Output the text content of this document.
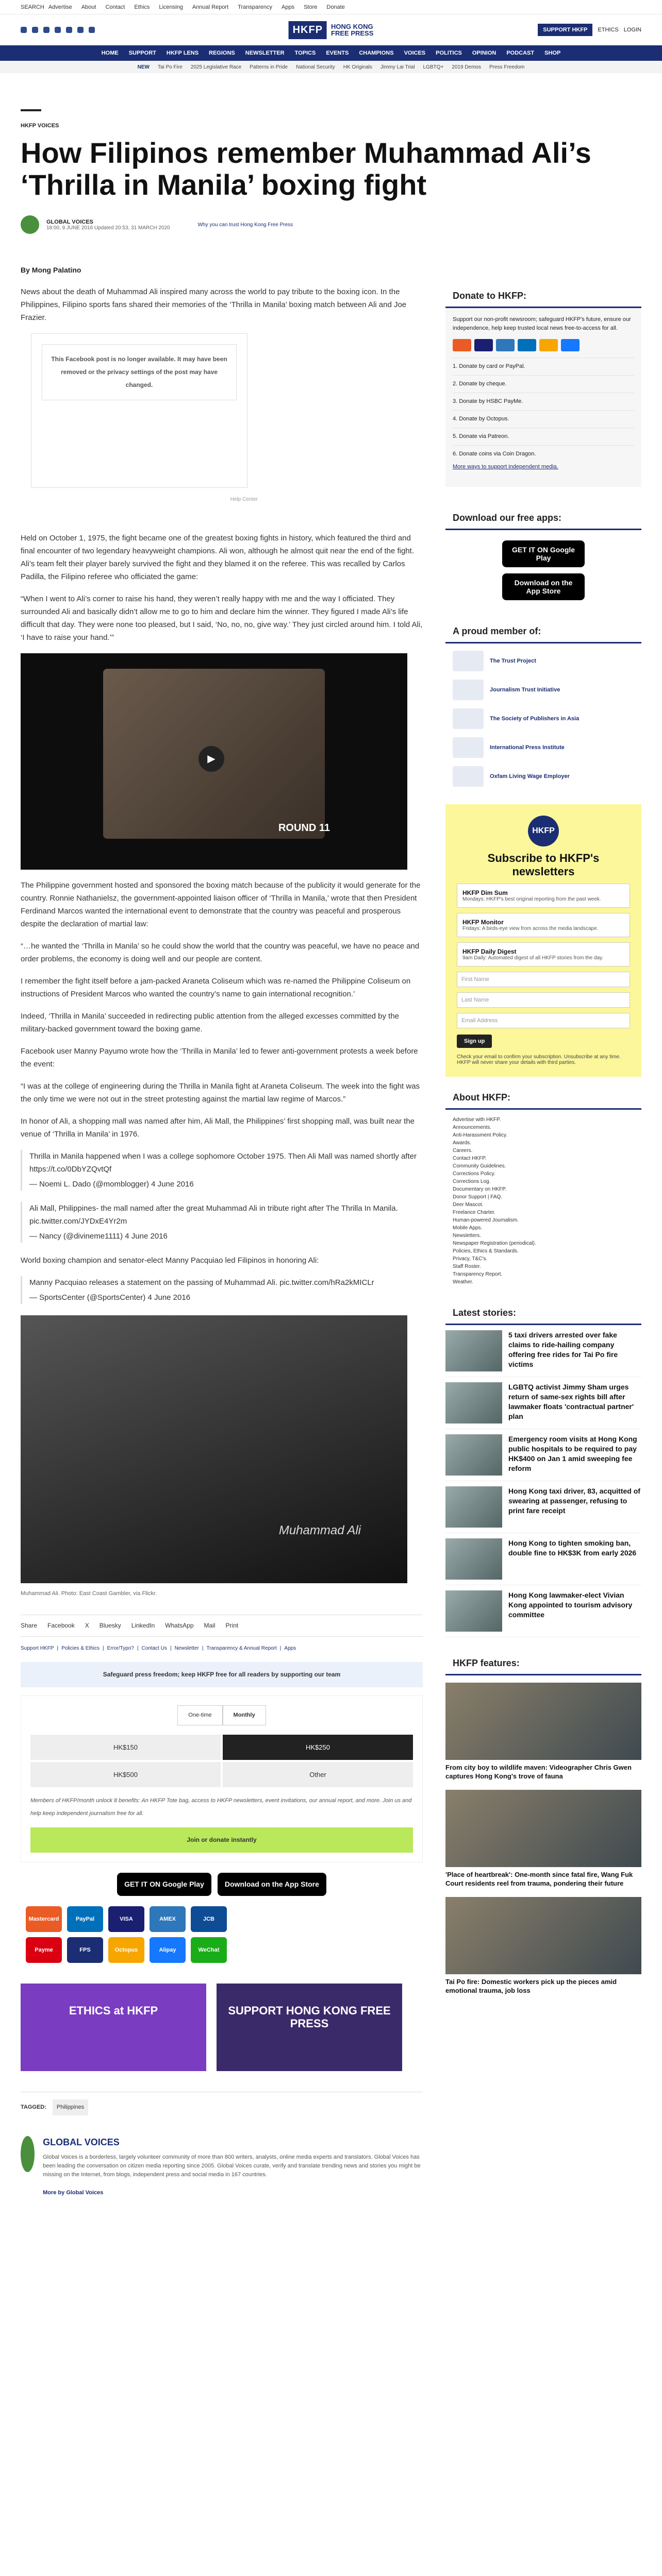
SEARCH Advertise About Contact Ethics Licensing Annual Report Transparency Apps Store Donate
HKFP	HONG KONG
FREE PRESS	SUPPORT HKFP	ETHICS LOGIN
HOME SUPPORT HKFP LENS REGIONS NEWSLETTER TOPICS EVENTS CHAMPIONS VOICES POLITICS OPINION PODCAST SHOP
NEW Tai Po Fire 2025 Legislative Race Patterns in Pride National Security HK Originals Jimmy Lai Trial LGBTQ+ 2019 Demos Press Freedom
HKFP VOICES
How Filipinos remember Muhammad Ali’s ‘Thrilla in Manila’ boxing fight
GLOBAL VOICES
18:00, 9 JUNE 2016 Updated 20:53, 31 MARCH 2020
Why you can trust Hong Kong Free Press
By Mong Palatino

News about the death of Muhammad Ali inspired many across the world to pay tribute to the boxing icon. In the Philippines, Filipino sports fans shared their memories of the ‘Thrilla in Manila’ boxing match between Ali and Joe Frazier.

This Facebook post is no longer available. It may have been removed or the privacy settings of the post may have changed.
Help Center

Held on October 1, 1975, the fight became one of the greatest boxing fights in history, which featured the third and final encounter of two legendary heavyweight champions. Ali won, although he almost quit near the end of the fight. Ali’s team felt their player barely survived the fight and they blamed it on the referee. This was recalled by Carlos Padilla, the Filipino referee who officiated the game:

“When I went to Ali’s corner to raise his hand, they weren’t really happy with me and the way I officiated. They surrounded Ali and basically didn’t allow me to go to him and declare him the winner. They figured I made Ali’s life difficult that day. They were none too pleased, but I said, ‘No, no, no, give way.’ They just circled around him. I told Ali, ‘I have to raise your hand.’”

▶
ROUND 11

The Philippine government hosted and sponsored the boxing match because of the publicity it would generate for the country. Ronnie Nathanielsz, the government-appointed liaison officer of ‘Thrilla in Manila,’ wrote that then President Ferdinand Marcos wanted the international event to demonstrate that the country was peaceful and prosperous despite the declaration of martial law:

“…he wanted the ‘Thrilla in Manila’ so he could show the world that the country was peaceful, we have no peace and order problems, the economy is doing well and our people are content.

I remember the fight itself before a jam-packed Araneta Coliseum which was re-named the Philippine Coliseum on instructions of President Marcos who wanted the country’s name to gain international recognition.’

Indeed, ‘Thrilla in Manila’ succeeded in redirecting public attention from the alleged excesses committed by the military-backed government toward the boxing game.

Facebook user Manny Payumo wrote how the ‘Thrilla in Manila’ led to fewer anti-government protests a week before the event:

“I was at the college of engineering during the Thrilla in Manila fight at Araneta Coliseum. The week into the fight was the only time we were not out in the street protesting against the martial law regime of Marcos.”

In honor of Ali, a shopping mall was named after him, Ali Mall, the Philippines’ first shopping mall, was built near the venue of ‘Thrilla in Manila’ in 1976.

Thrilla in Manila happened when I was a college sophomore October 1975. Then Ali Mall was named shortly after https://t.co/0DbYZQvtQf

— Noemi L. Dado (@momblogger) 4 June 2016

Ali Mall, Philippines- the mall named after the great Muhammad Ali in tribute right after The Thrilla In Manila. pic.twitter.com/JYDxE4Yr2m

— Nancy (@divineme1111) 4 June 2016

World boxing champion and senator-elect Manny Pacquiao led Filipinos in honoring Ali:

Manny Pacquiao releases a statement on the passing of Muhammad Ali. pic.twitter.com/hRa2kMICLr

— SportsCenter (@SportsCenter) 4 June 2016

Muhammad Ali
Muhammad Ali. Photo: East Coast Gambler, via Flickr.
Share Facebook X Bluesky LinkedIn WhatsApp Mail Print
Support HKFP | Policies & Ethics | Error/Typo? | Contact Us | Newsletter | Transparency & Annual Report | Apps
Safeguard press freedom; keep HKFP free for all readers by supporting our team
One-time	Monthly
HK$150	HK$250
HK$500	Other
Members of HKFP/month unlock 8 benefits: An HKFP Tote bag, access to HKFP newsletters, event invitations, our annual report, and more. Join us and help keep independent journalism free for all.
Join or donate instantly
GET IT ON Google Play	Download on the App Store
Mastercard	PayPal	VISA	AMEX	JCB
Payme	FPS	Octopus	Alipay	WeChat
ETHICS at HKFP	SUPPORT HONG KONG FREE PRESS
TAGGED:	Philippines
GLOBAL VOICES

Global Voices is a borderless, largely volunteer community of more than 800 writers, analysts, online media experts and translators. Global Voices has been leading the conversation on citizen media reporting since 2005. Global Voices curate, verify and translate trending news and stories you might be missing on the Internet, from blogs, independent press and social media in 167 countries.

More by Global Voices

Donate to HKFP:
Support our non-profit newsroom; safeguard HKFP's future, ensure our independence, help keep trusted local news free-to-access for all.
1. Donate by card or PayPal.
2. Donate by cheque.
3. Donate by HSBC PayMe.
4. Donate by Octopus.
5. Donate via Patreon.
6. Donate coins via Coin Dragon.
More ways to support independent media.
Download our free apps:
GET IT ON Google Play
Download on the App Store
A proud member of:
The Trust Project
Journalism Trust Initiative
The Society of Publishers in Asia
International Press Institute
Oxfam Living Wage Employer
HKFP
Subscribe to HKFP's newsletters
HKFP Dim Sum
Mondays: HKFP's best original reporting from the past week.
HKFP Monitor
Fridays: A birds-eye view from across the media landscape.
HKFP Daily Digest
9am Daily: Automated digest of all HKFP stories from the day.
First Name
Last Name
Email Address
Sign up
Check your email to confirm your subscription. Unsubscribe at any time. HKFP will never share your details with third parties.
About HKFP:
Advertise with HKFP.
Announcements.
Anti-Harassment Policy.
Awards.
Careers.
Contact HKFP.
Community Guidelines.
Corrections Policy.
Corrections Log.
Documentary on HKFP.
Donor Support | FAQ.
Deer Mascot.
Freelance Charter.
Human-powered Journalism.
Mobile Apps.
Newsletters.
Newspaper Registration (periodical).
Policies, Ethics & Standards.
Privacy, T&C's.
Staff Roster.
Transparency Report.
Weather.
Latest stories:
5 taxi drivers arrested over fake claims to ride-hailing company offering free rides for Tai Po fire victims
LGBTQ activist Jimmy Sham urges return of same-sex rights bill after lawmaker floats 'contractual partner' plan
Emergency room visits at Hong Kong public hospitals to be required to pay HK$400 on Jan 1 amid sweeping fee reform
Hong Kong taxi driver, 83, acquitted of swearing at passenger, refusing to print fare receipt
Hong Kong to tighten smoking ban, double fine to HK$3K from early 2026
Hong Kong lawmaker-elect Vivian Kong appointed to tourism advisory committee
HKFP features:
From city boy to wildlife maven: Videographer Chris Gwen captures Hong Kong's trove of fauna
'Place of heartbreak': One-month since fatal fire, Wang Fuk Court residents reel from trauma, pondering their future
Tai Po fire: Domestic workers pick up the pieces amid emotional trauma, job loss
